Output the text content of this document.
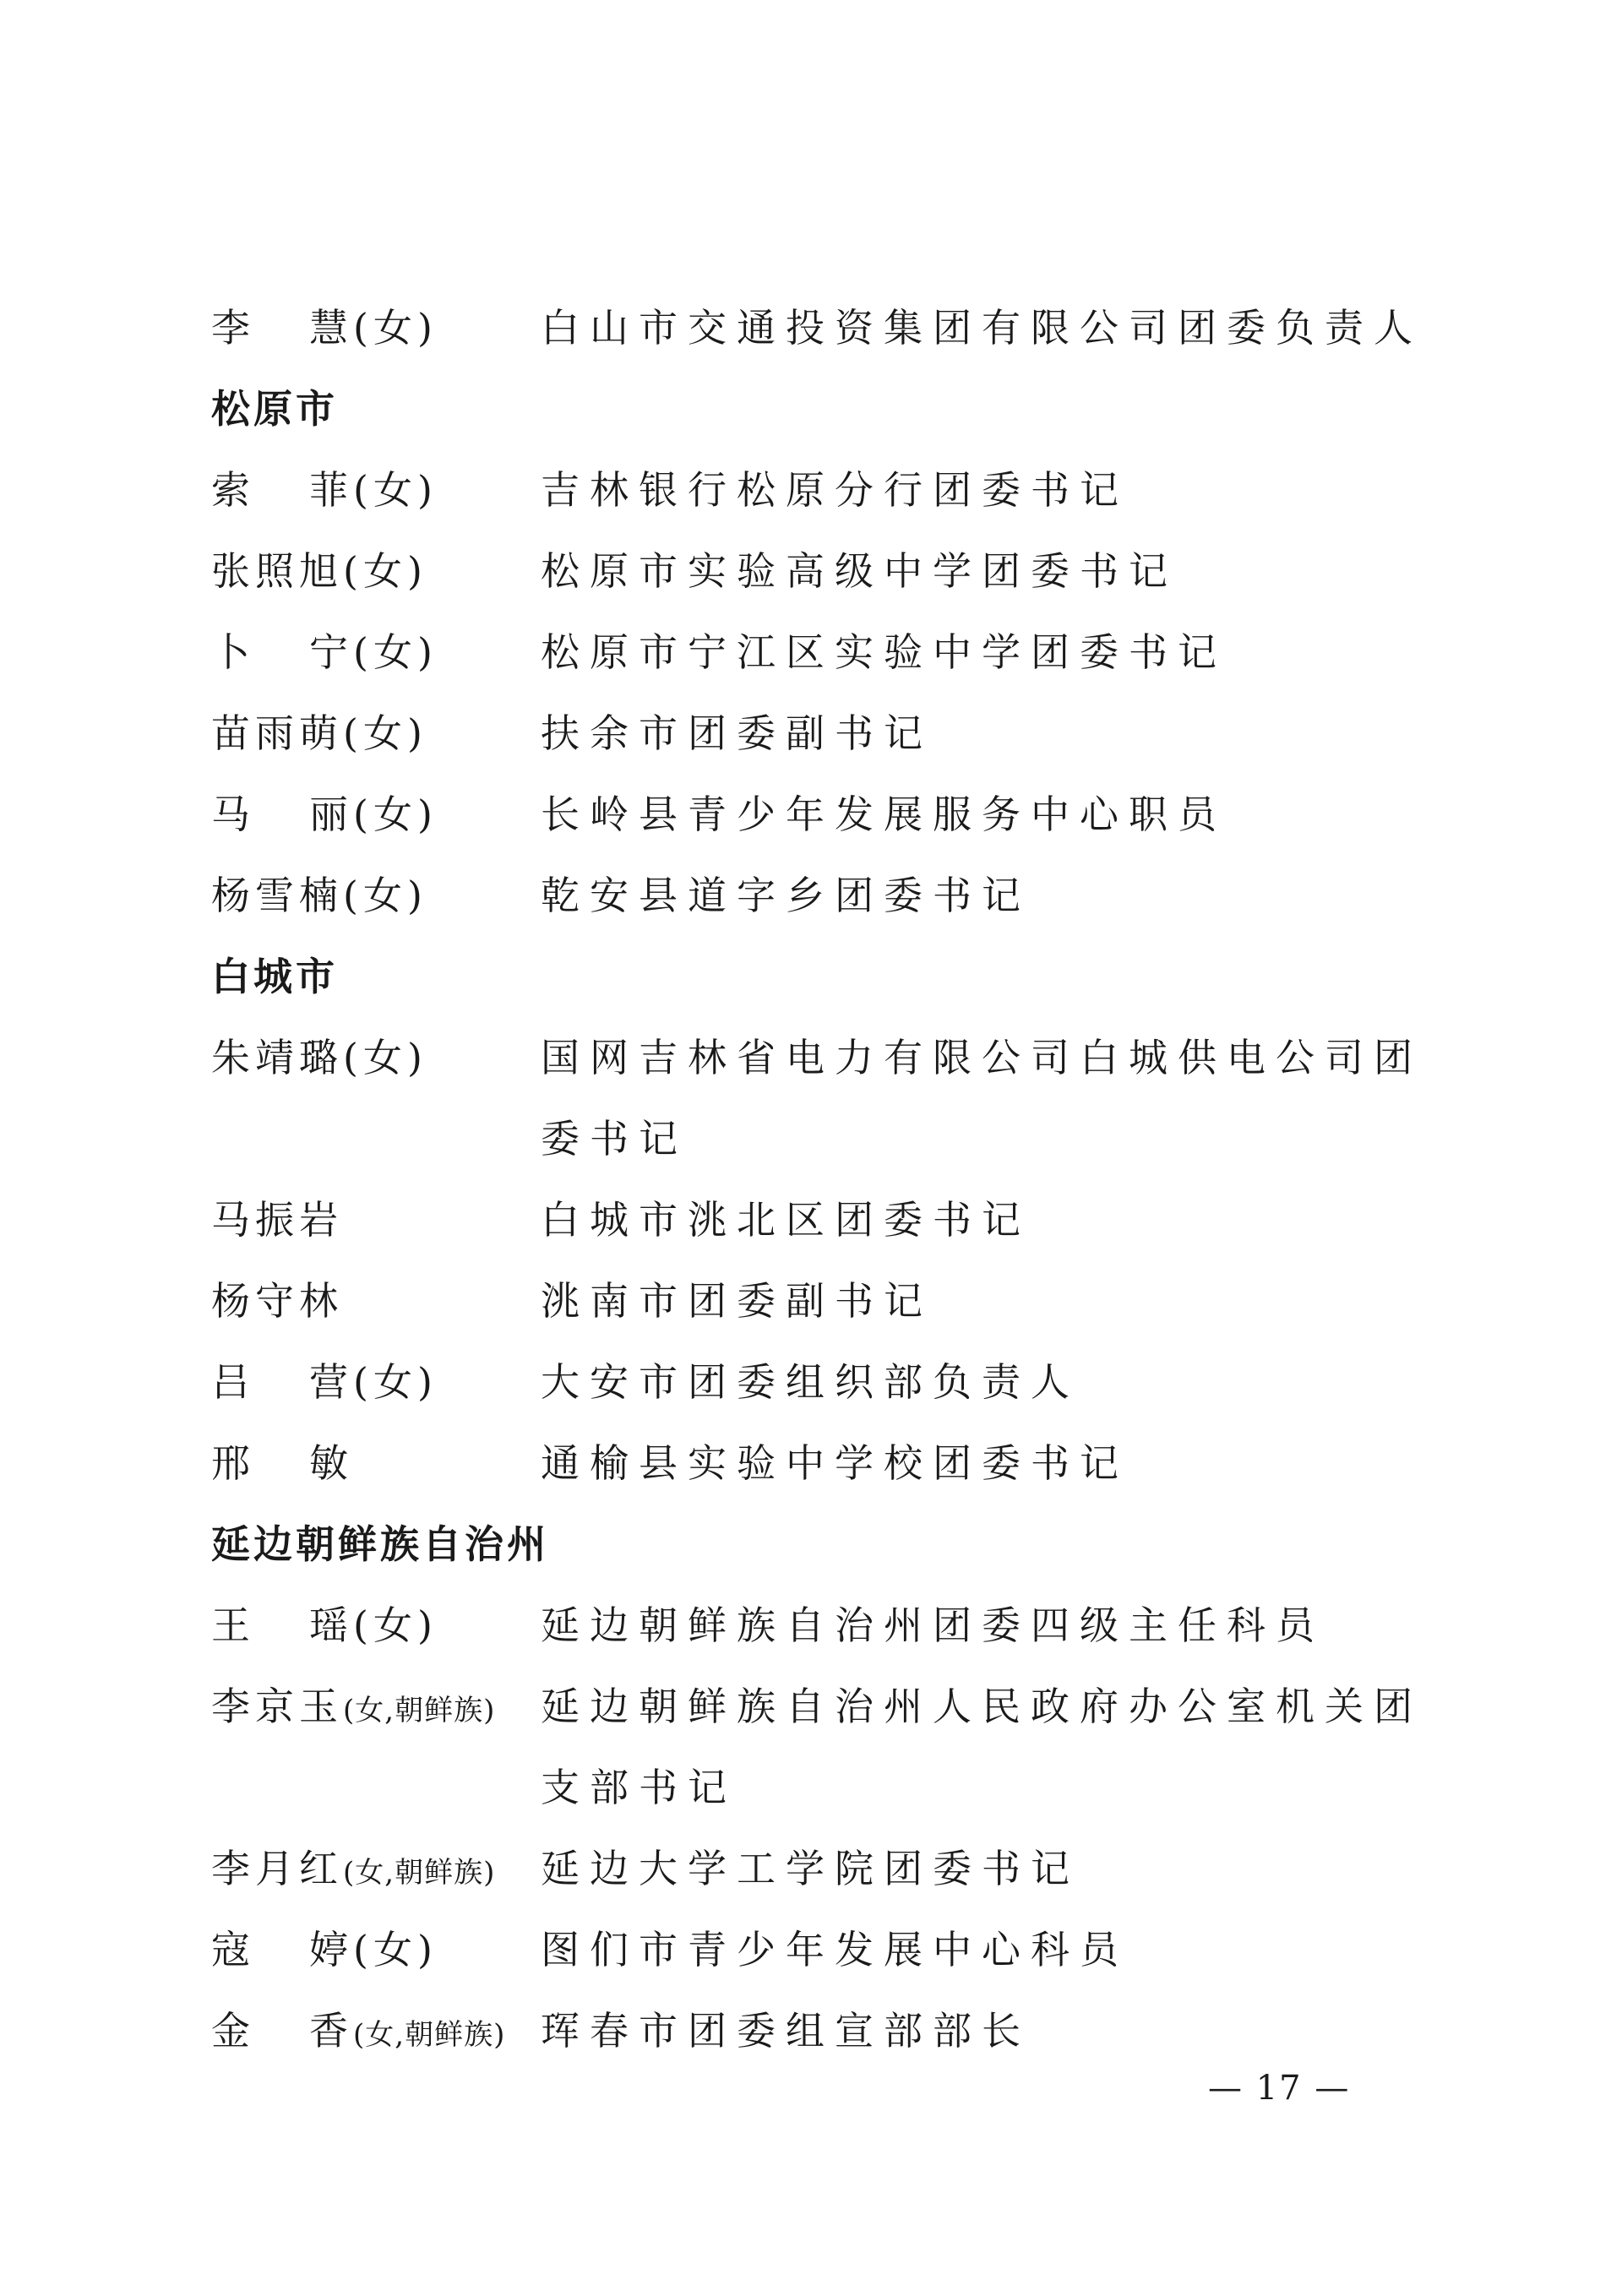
李 慧(女)	白山市交通投资集团有限公司团委负责人
松原市
索 菲(女)	吉林银行松原分行团委书记
张照旭(女)	松原市实验高级中学团委书记
卜 宁(女)	松原市宁江区实验中学团委书记
苗雨萌(女)	扶余市团委副书记
马 丽(女)	长岭县青少年发展服务中心职员
杨雪楠(女)	乾安县道字乡团委书记
白城市
朱靖璐(女)	国网吉林省电力有限公司白城供电公司团委书记
马振岩	白城市洮北区团委书记
杨守林	洮南市团委副书记
吕 营(女)	大安市团委组织部负责人
邢 敏	通榆县实验中学校团委书记
延边朝鲜族自治州
王 瑶(女)	延边朝鲜族自治州团委四级主任科员
李京玉(女,朝鲜族)	延边朝鲜族自治州人民政府办公室机关团支部书记
李月红(女,朝鲜族)	延边大学工学院团委书记
寇 婷(女)	图们市青少年发展中心科员
金 香(女,朝鲜族) 珲春市团委组宣部部长
— 17 —
